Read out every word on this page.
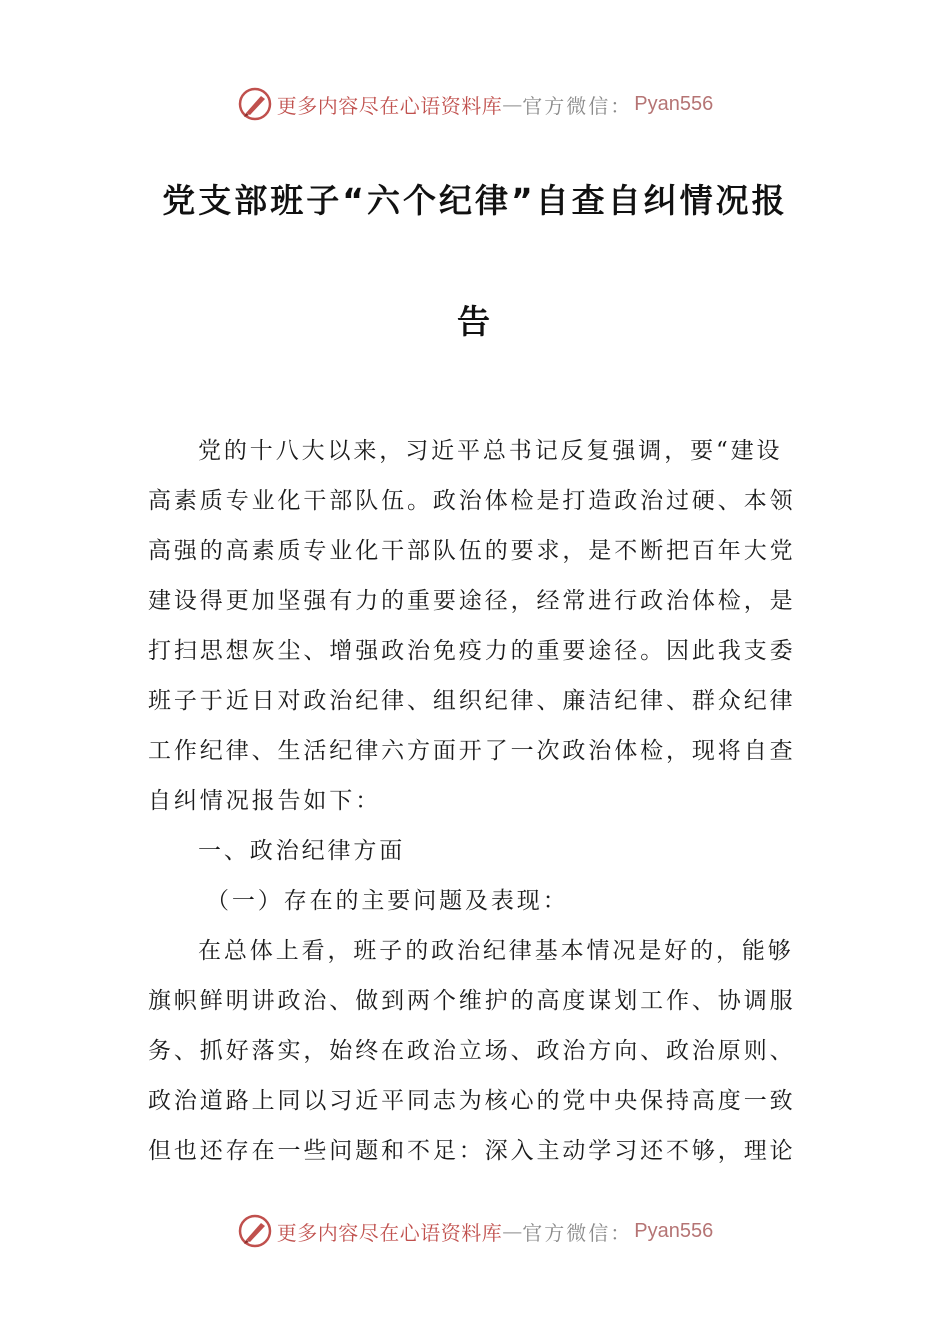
更多内容尽在心语资料库 — 官方微信： Pyan556
党支部班子“六个纪律”自查自纠情况报
告

党的十八大以来，习近平总书记反复强调，要“建设

高素质专业化干部队伍。政治体检是打造政治过硬、本领

高强的高素质专业化干部队伍的要求，是不断把百年大党

建设得更加坚强有力的重要途径，经常进行政治体检，是

打扫思想灰尘、增强政治免疫力的重要途径。因此我支委

班子于近日对政治纪律、组织纪律、廉洁纪律、群众纪律

工作纪律、生活纪律六方面开了一次政治体检，现将自查

自纠情况报告如下：

一、政治纪律方面

（一）存在的主要问题及表现：

在总体上看，班子的政治纪律基本情况是好的，能够

旗帜鲜明讲政治、做到两个维护的高度谋划工作、协调服

务、抓好落实，始终在政治立场、政治方向、政治原则、

政治道路上同以习近平同志为核心的党中央保持高度一致

但也还存在一些问题和不足：深入主动学习还不够，理论

更多内容尽在心语资料库 — 官方微信： Pyan556
